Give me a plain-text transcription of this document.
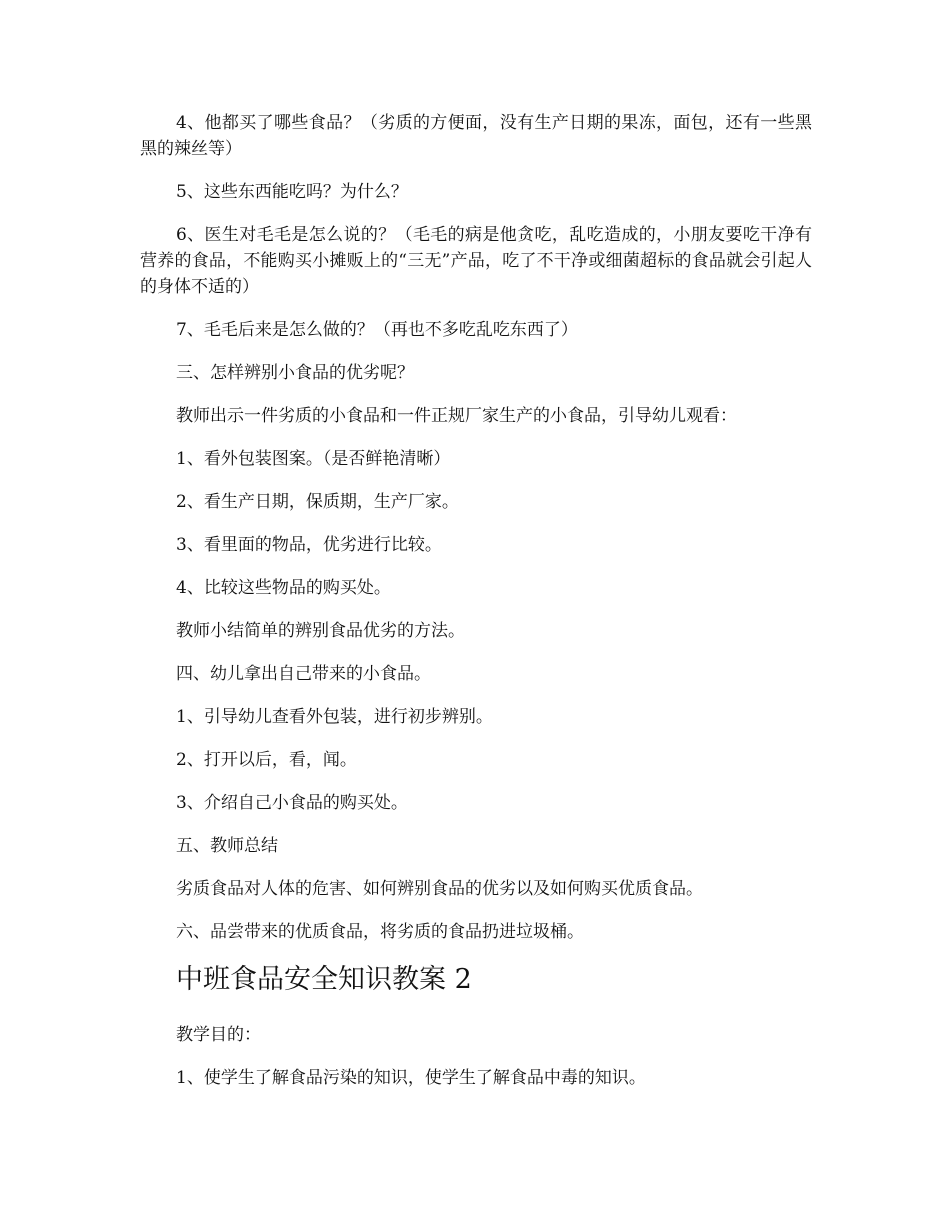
4、他都买了哪些食品？（劣质的方便面，没有生产日期的果冻，面包，还有一些黑黑的辣丝等）

5、这些东西能吃吗？为什么？

6、医生对毛毛是怎么说的？（毛毛的病是他贪吃，乱吃造成的，小朋友要吃干净有营养的食品，不能购买小摊贩上的“三无”产品，吃了不干净或细菌超标的食品就会引起人的身体不适的）

7、毛毛后来是怎么做的？（再也不多吃乱吃东西了）

三、怎样辨别小食品的优劣呢？

教师出示一件劣质的小食品和一件正规厂家生产的小食品，引导幼儿观看：

1、看外包装图案。（是否鲜艳清晰）

2、看生产日期，保质期，生产厂家。

3、看里面的物品，优劣进行比较。

4、比较这些物品的购买处。

教师小结简单的辨别食品优劣的方法。

四、幼儿拿出自己带来的小食品。

1、引导幼儿查看外包装，进行初步辨别。

2、打开以后，看，闻。

3、介绍自己小食品的购买处。

五、教师总结

劣质食品对人体的危害、如何辨别食品的优劣以及如何购买优质食品。

六、品尝带来的优质食品，将劣质的食品扔进垃圾桶。

中班食品安全知识教案 2

教学目的：

1、使学生了解食品污染的知识，使学生了解食品中毒的知识。
